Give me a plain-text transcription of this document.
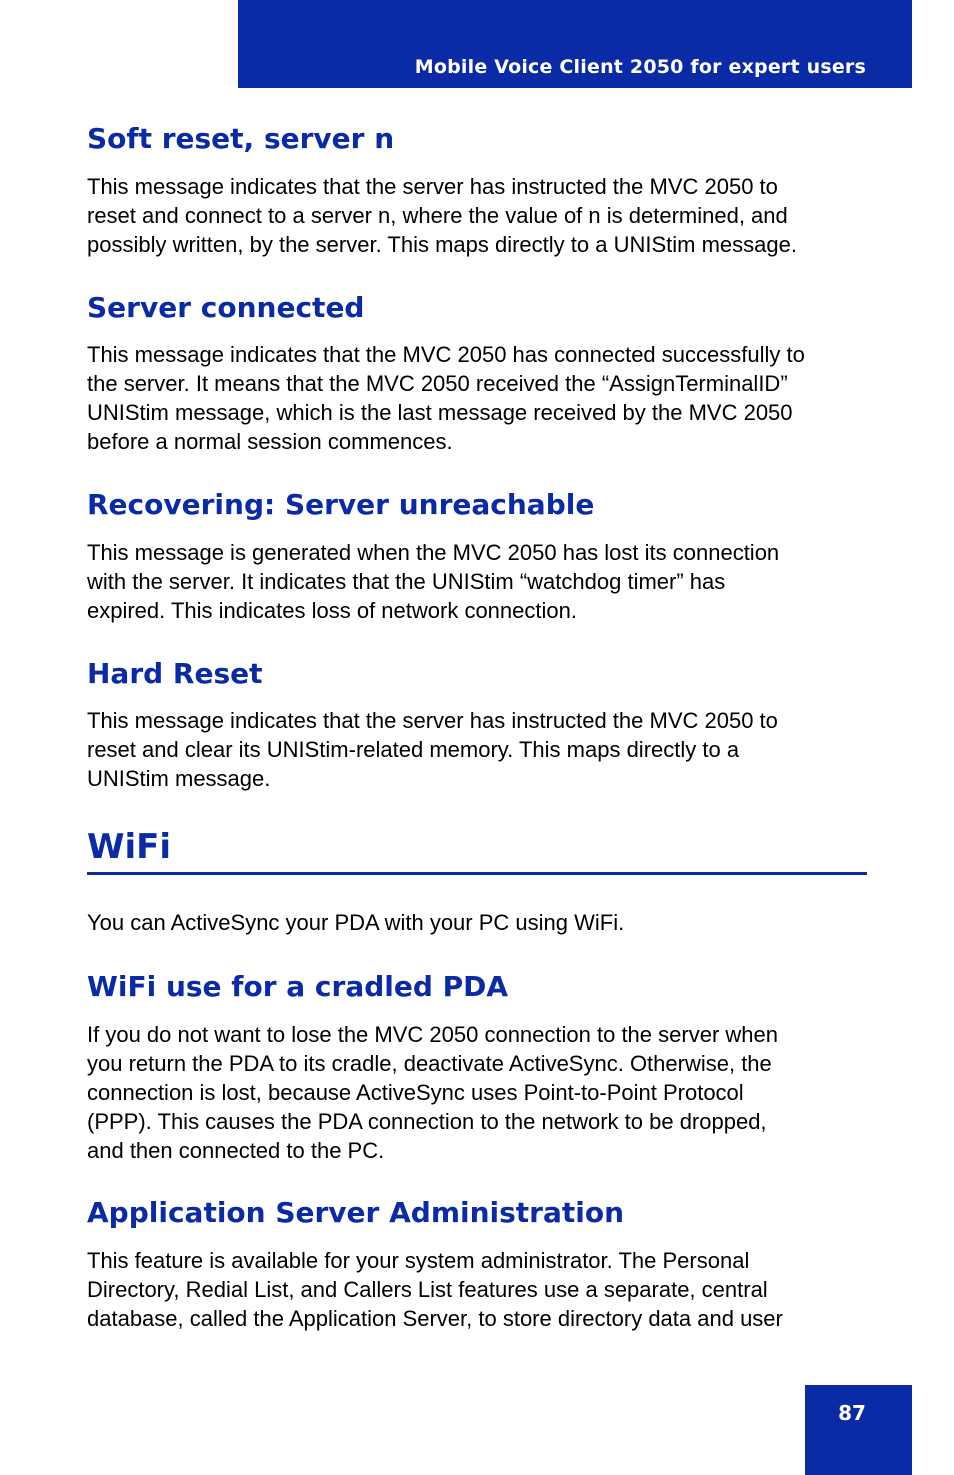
Mobile Voice Client 2050 for expert users
Soft reset, server n
This message indicates that the server has instructed the MVC 2050 to
reset and connect to a server n, where the value of n is determined, and
possibly written, by the server. This maps directly to a UNIStim message.
Server connected
This message indicates that the MVC 2050 has connected successfully to
the server. It means that the MVC 2050 received the “AssignTerminalID”
UNIStim message, which is the last message received by the MVC 2050
before a normal session commences.
Recovering: Server unreachable
This message is generated when the MVC 2050 has lost its connection
with the server. It indicates that the UNIStim “watchdog timer” has
expired. This indicates loss of network connection.
Hard Reset
This message indicates that the server has instructed the MVC 2050 to
reset and clear its UNIStim-related memory. This maps directly to a
UNIStim message.
WiFi
You can ActiveSync your PDA with your PC using WiFi.
WiFi use for a cradled PDA
If you do not want to lose the MVC 2050 connection to the server when
you return the PDA to its cradle, deactivate ActiveSync. Otherwise, the
connection is lost, because ActiveSync uses Point-to-Point Protocol
(PPP). This causes the PDA connection to the network to be dropped,
and then connected to the PC.
Application Server Administration
This feature is available for your system administrator. The Personal
Directory, Redial List, and Callers List features use a separate, central
database, called the Application Server, to store directory data and user
87
